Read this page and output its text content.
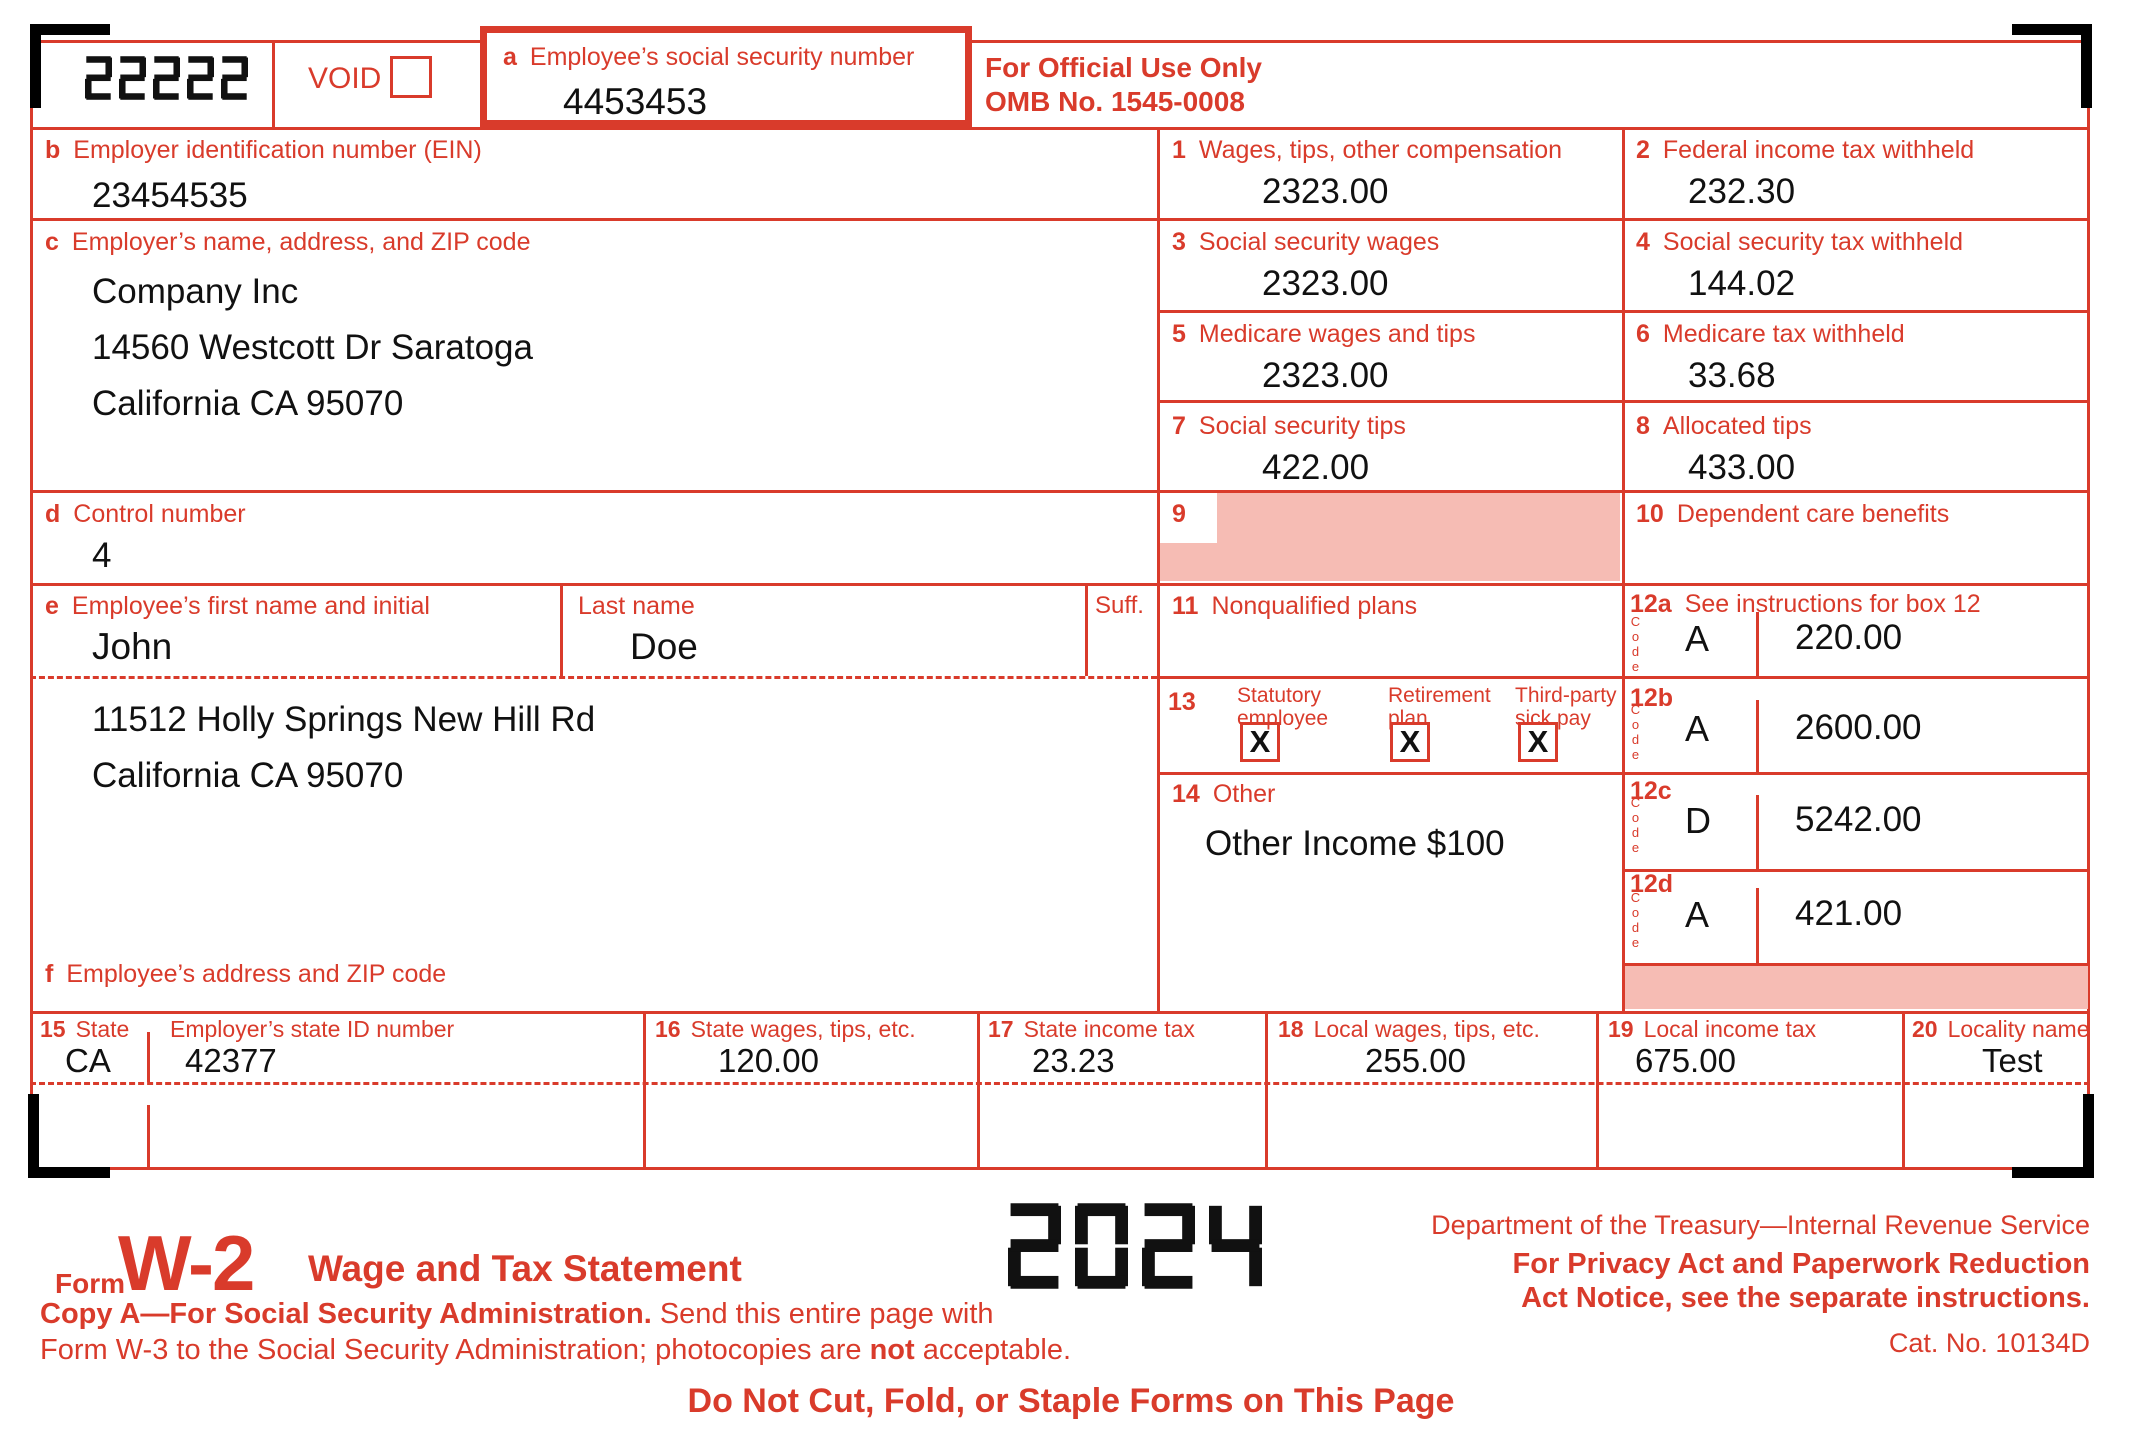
VOID
a Employee’s social security number
4453453
For Official Use Only
OMB No. 1545-0008
b Employer identification number (EIN)
23454535
c Employer’s name, address, and ZIP code
Company Inc
14560 Westcott Dr Saratoga
California CA 95070
d Control number
4
e Employee’s first name and initial	Last name	Suff.
John	Doe
11512 Holly Springs New Hill Rd
California CA 95070
f Employee’s address and ZIP code
1 Wages, tips, other compensation
2323.00
3 Social security wages
2323.00
5 Medicare wages and tips
2323.00
7 Social security tips
422.00
9
11 Nonqualified plans
13 Statutory
employee
X
Retirement
plan
X
Third-party
sick pay
X
14 Other
Other Income $100
2 Federal income tax withheld
232.30
4 Social security tax withheld
144.02
6 Medicare tax withheld
33.68
8 Allocated tips
433.00
10 Dependent care benefits
12a See instructions for box 12
Code A 220.00
12b
Code A 2600.00
12c
Code D 5242.00
12d
Code A 421.00
15 State Employer’s state ID number
CA 42377
16 State wages, tips, etc.
120.00
17 State income tax
23.23
18 Local wages, tips, etc.
255.00
19 Local income tax
675.00
20 Locality name
Test
Form
W-2 Wage and Tax Statement
Department of the Treasury—Internal Revenue Service
For Privacy Act and Paperwork Reduction
Act Notice, see the separate instructions.
Cat. No. 10134D
Copy A—For Social Security Administration. Send this entire page with
Form W-3 to the Social Security Administration; photocopies are not acceptable.
Do Not Cut, Fold, or Staple Forms on This Page
